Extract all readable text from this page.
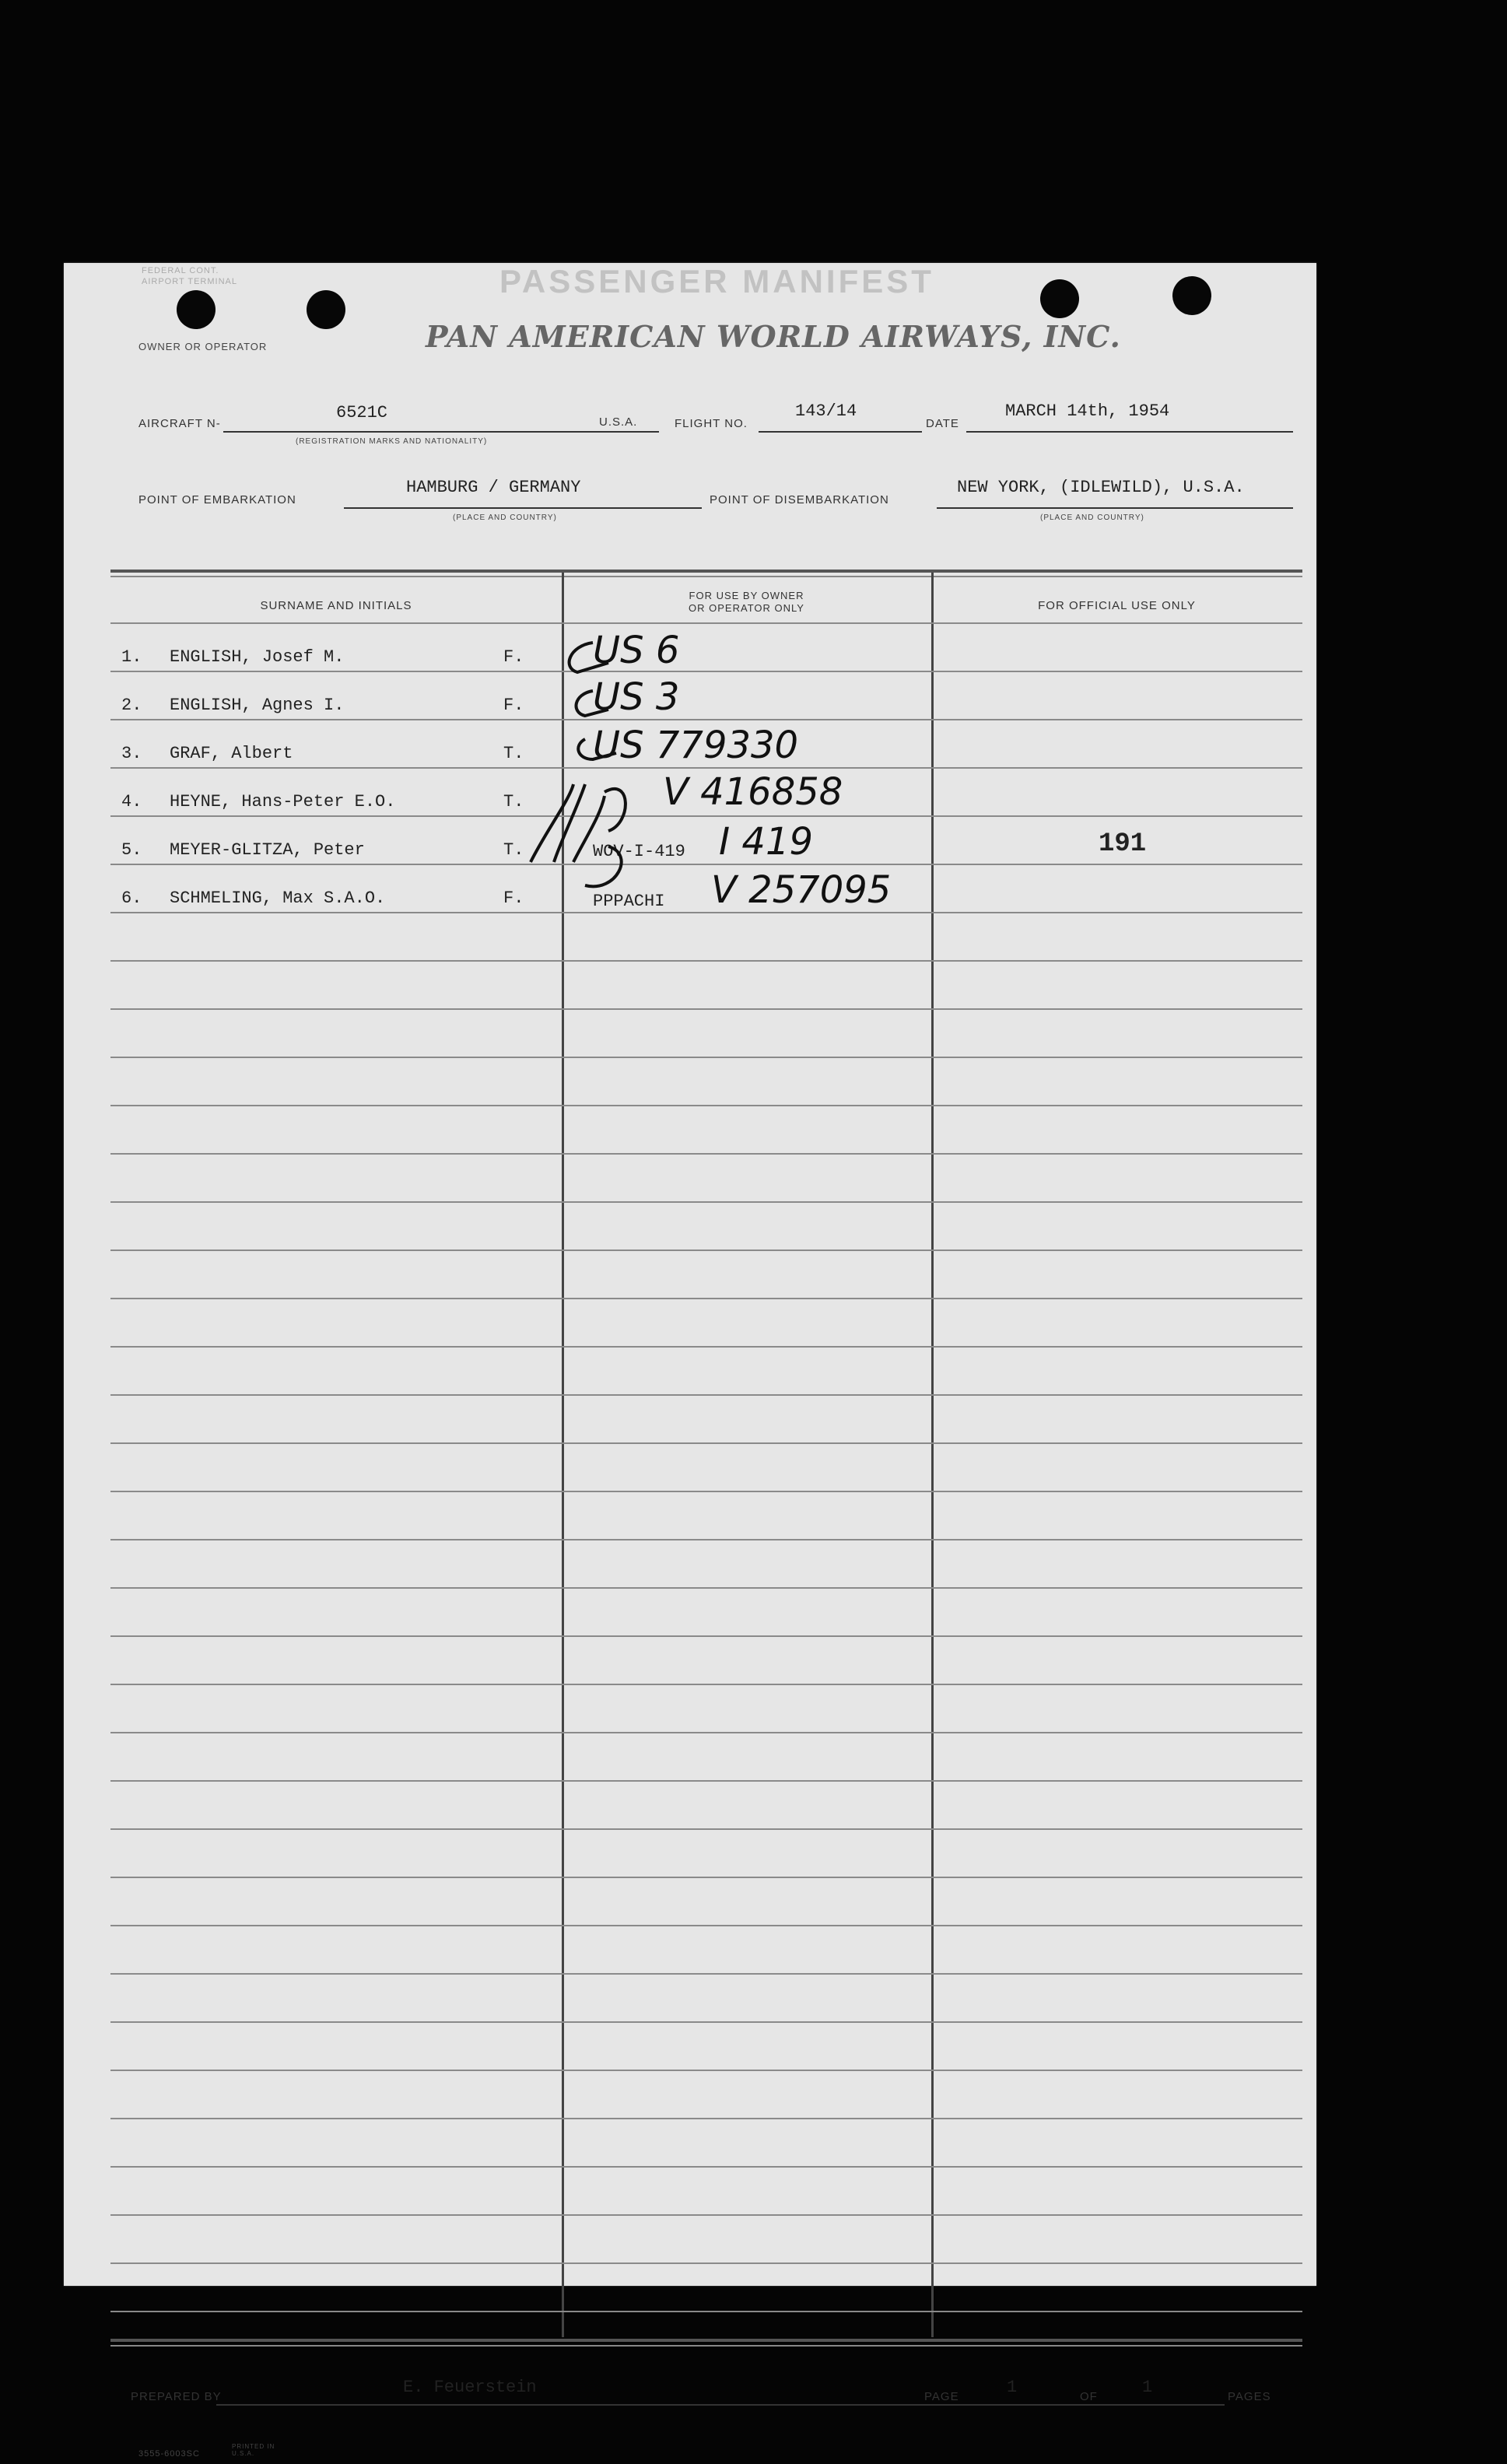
FEDERAL CONT.
AIRPORT TERMINAL	PASSENGER MANIFEST
OWNER OR OPERATOR	PAN AMERICAN WORLD AIRWAYS, INC.
AIRCRAFT N-
6521C
(REGISTRATION MARKS AND NATIONALITY)
U.S.A.	FLIGHT NO.
143/14
DATE
MARCH 14th, 1954
POINT OF EMBARKATION
HAMBURG / GERMANY
(PLACE AND COUNTRY)
POINT OF DISEMBARKATION
NEW YORK, (IDLEWILD), U.S.A.
(PLACE AND COUNTRY)
SURNAME AND INITIALS
FOR USE BY OWNER
OR OPERATOR ONLY	FOR OFFICIAL USE ONLY
1. ENGLISH, Josef M.	F. US 6
2. ENGLISH, Agnes I.	F. US 3
3. GRAF, Albert	T. US 779330
4. HEYNE, Hans-Peter E.O.	T.	V 416858
5. MEYER-GLITZA, Peter	T.	WOV-I-419 I 419	191
6. SCHMELING, Max S.A.O.	F.	PPPACHI V 257095
PREPARED BY	E. Feuerstein	PAGE	1	OF	1	PAGES
3555-6003SC
PRINTED IN U.S.A.
